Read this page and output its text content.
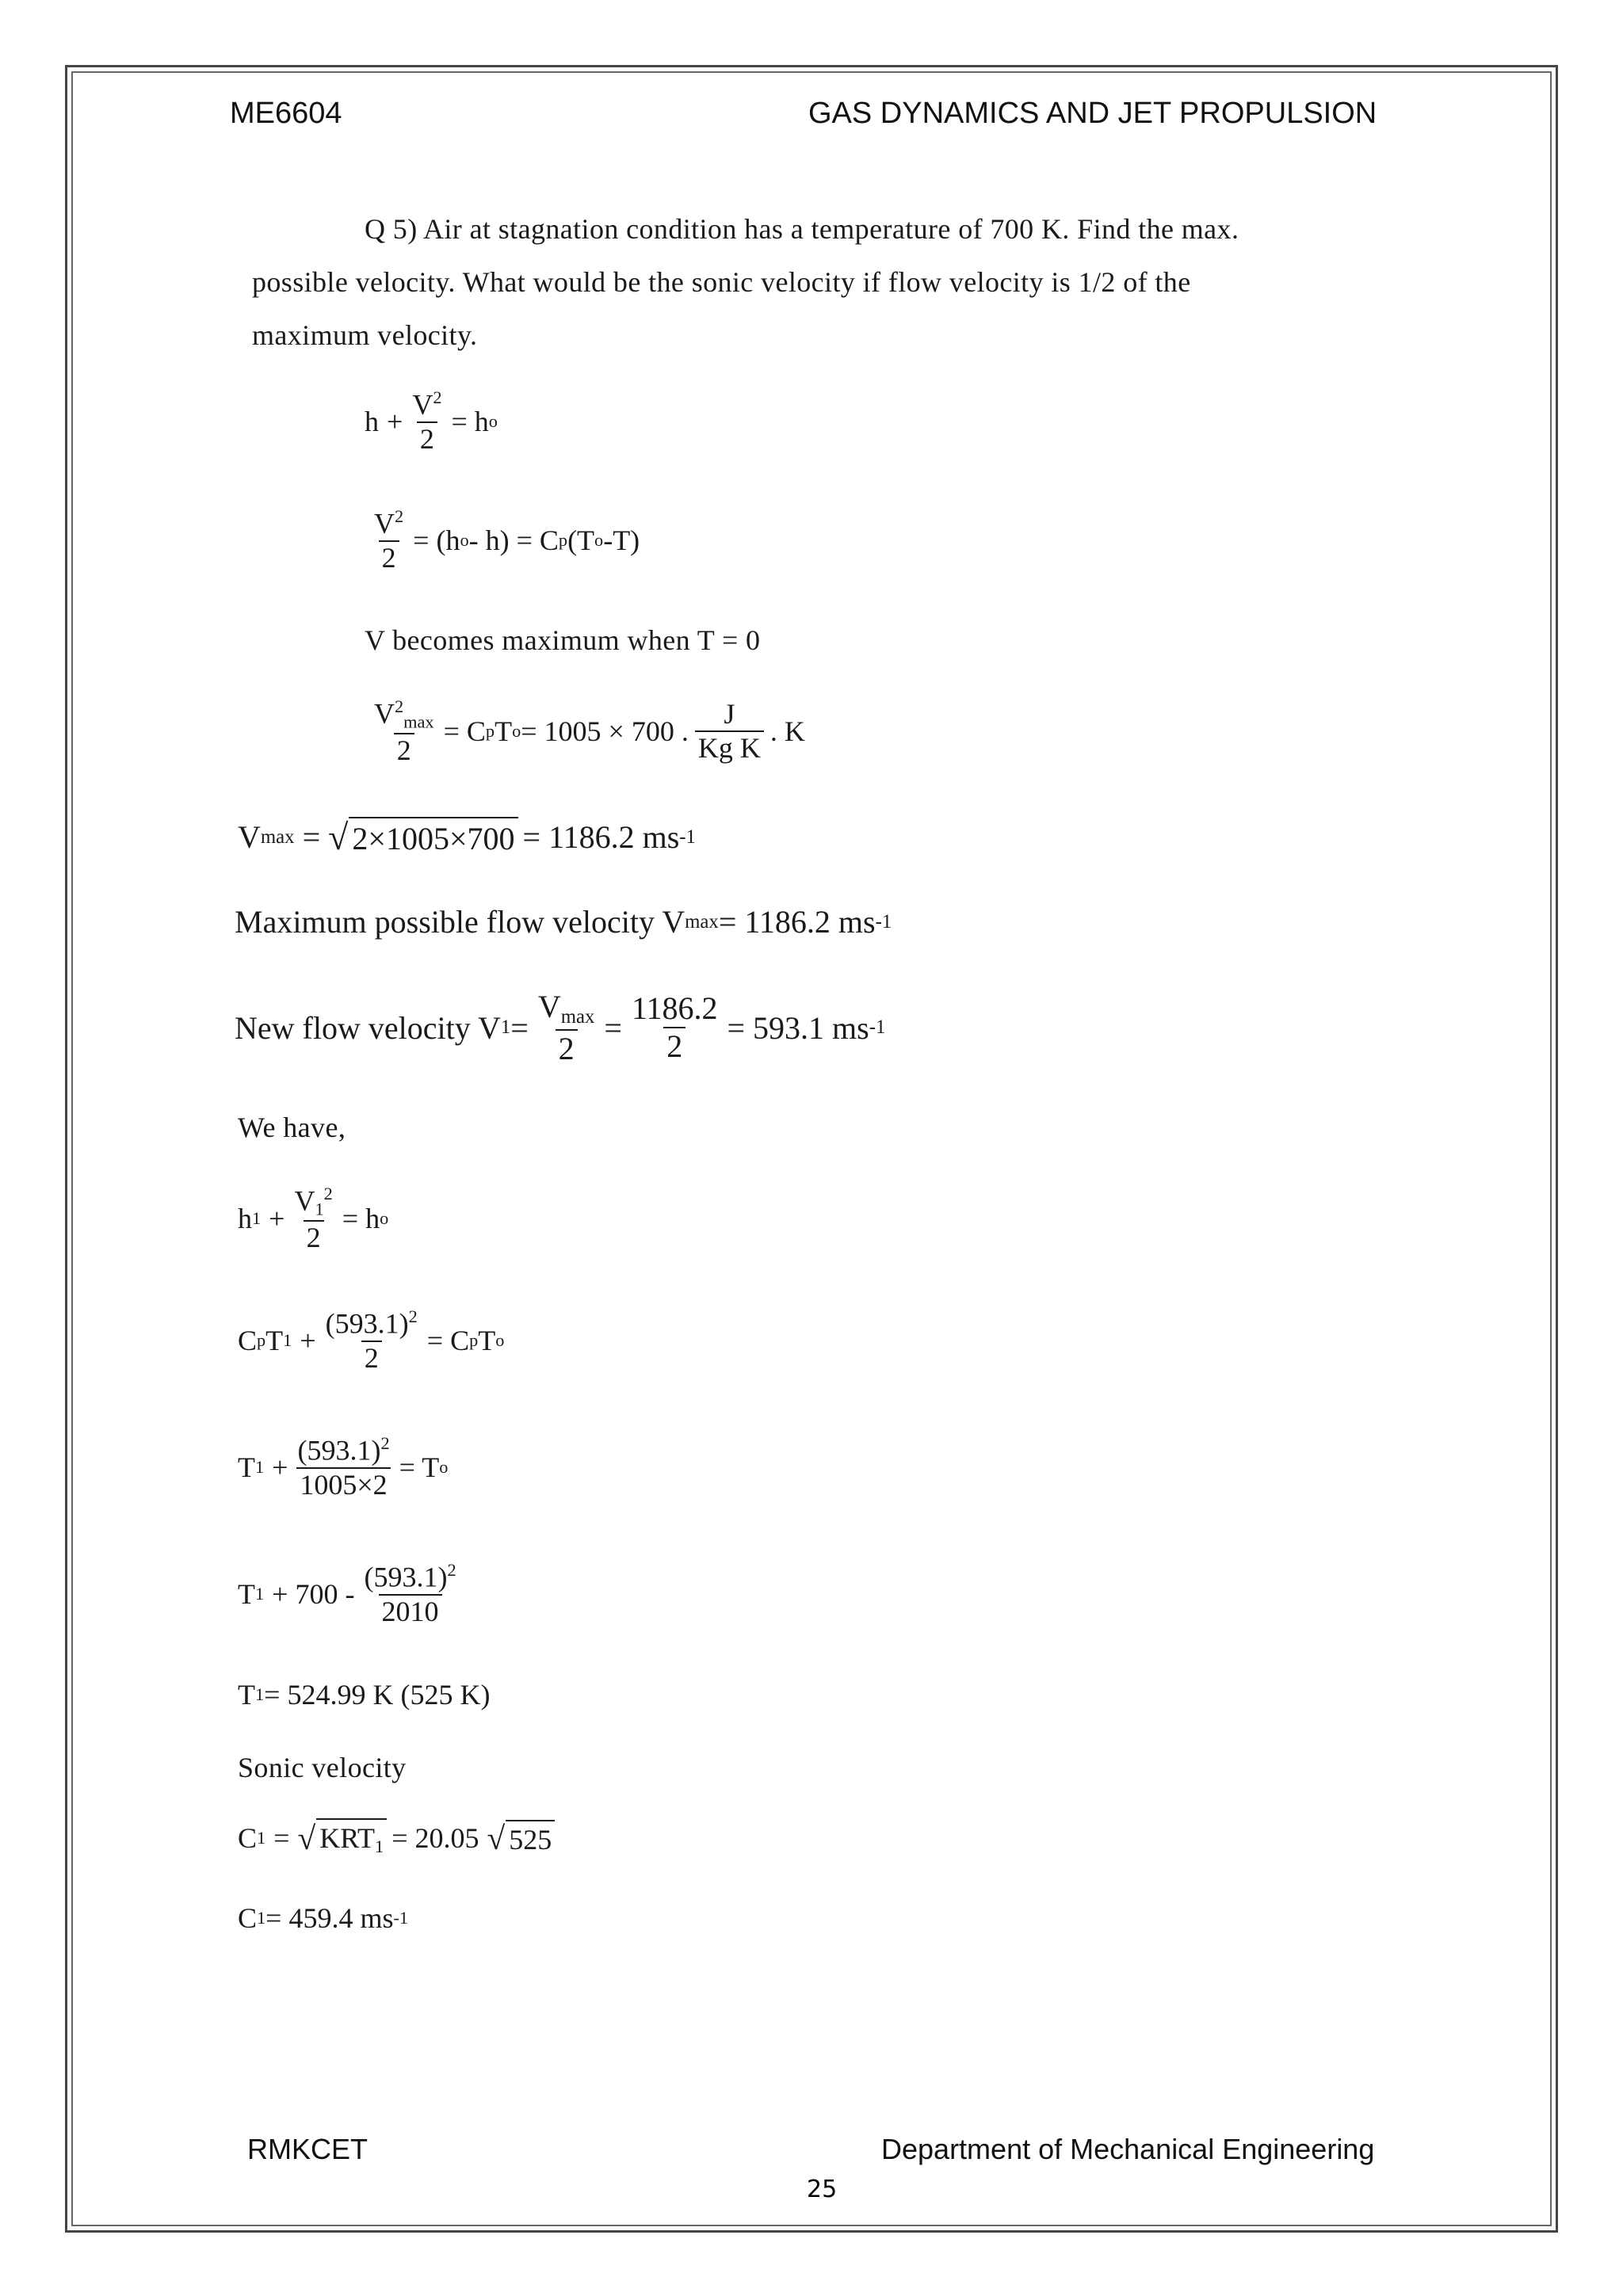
ME6604	GAS DYNAMICS AND JET PROPULSION
Q 5) Air at stagnation condition has a temperature of 700 K. Find the max.
possible velocity. What would be the sonic velocity if flow velocity is 1/2 of the
maximum velocity.
$h + \frac{V^2}{2} = h$ o
$\frac{V^2}{2} = (h$ o - h) = C p (T o -T)
V becomes maximum when T = 0
$\frac{V^2_{max}}{2} = C$ p T o = 1005 × 700 . $\frac{J}{\text{Kg K}}$ . K
V max = √ 2×1005×700 = 1186.2 ms -1
Maximum possible flow velocity V max = 1186.2 ms -1
New flow velocity V $1 = \frac{V_{max}}{2} = \frac{1186.2}{2} = 593.1$ ms -1
We have,
h $1 + \frac{V_1^2}{2} = h$ o
C p T $1 + \frac{(593.1)^2}{2} = C$ p T o
T $1 + \frac{(593.1)^2}{1005\times 2} = T$ o
T $1 + 700 - \frac{(593.1)^2}{2010}$
T 1 = 524.99 K (525 K)
Sonic velocity
C 1 = √ $KRT_1 = 20.05$ √ 525
C 1 = 459.4 ms -1
RMKCET	Department of Mechanical Engineering
25
